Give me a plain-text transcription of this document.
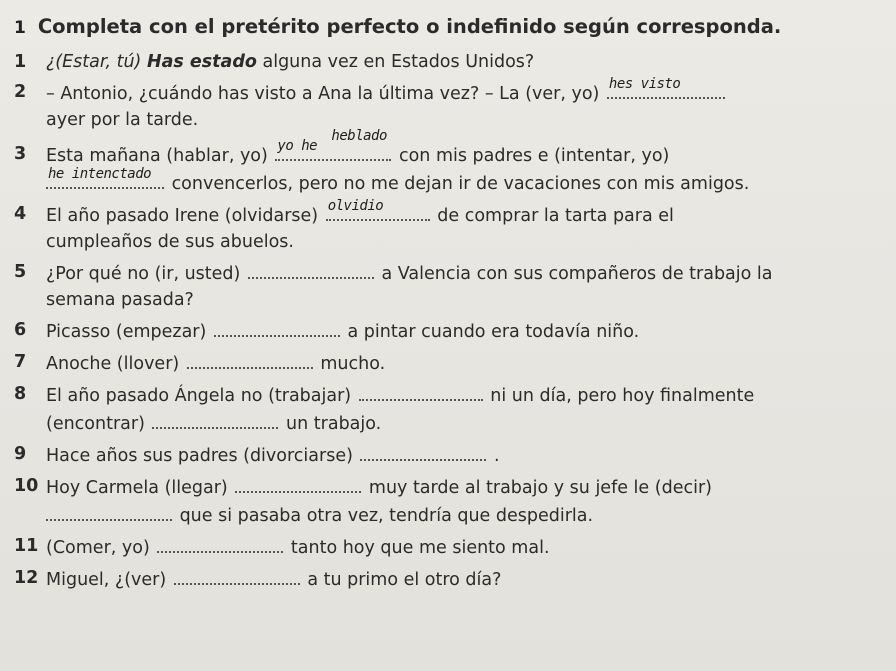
1 Completa con el pretérito perfecto o indefinido según corresponda.
1	¿(Estar, tú) Has estado alguna vez en Estados Unidos?
2	– Antonio, ¿cuándo has visto a Ana la última vez? – La (ver, yo) hes visto

ayer por la tarde.
3	Esta mañana (hablar, yo) yo he
heblado
con mis padres e (intentar, yo)

he intenctado convencerlos, pero no me dejan ir de vacaciones con mis amigos.
4	El año pasado Irene (olvidarse) olvidio	de comprar la tarta para el
cumpleaños de sus abuelos.
5	¿Por qué no (ir, usted)	a Valencia con sus compañeros de trabajo la
semana pasada?
6	Picasso (empezar)	a pintar cuando era todavía niño.
7	Anoche (llover)	mucho.
8	El año pasado Ángela no (trabajar)	ni un día, pero hoy finalmente
(encontrar)	un trabajo.
9	Hace años sus padres (divorciarse)	.
10 Hoy Carmela (llegar)	muy tarde al trabajo y su jefe le (decir)
que si pasaba otra vez, tendría que despedirla.
11 (Comer, yo)	tanto hoy que me siento mal.
12 Miguel, ¿(ver)	a tu primo el otro día?
